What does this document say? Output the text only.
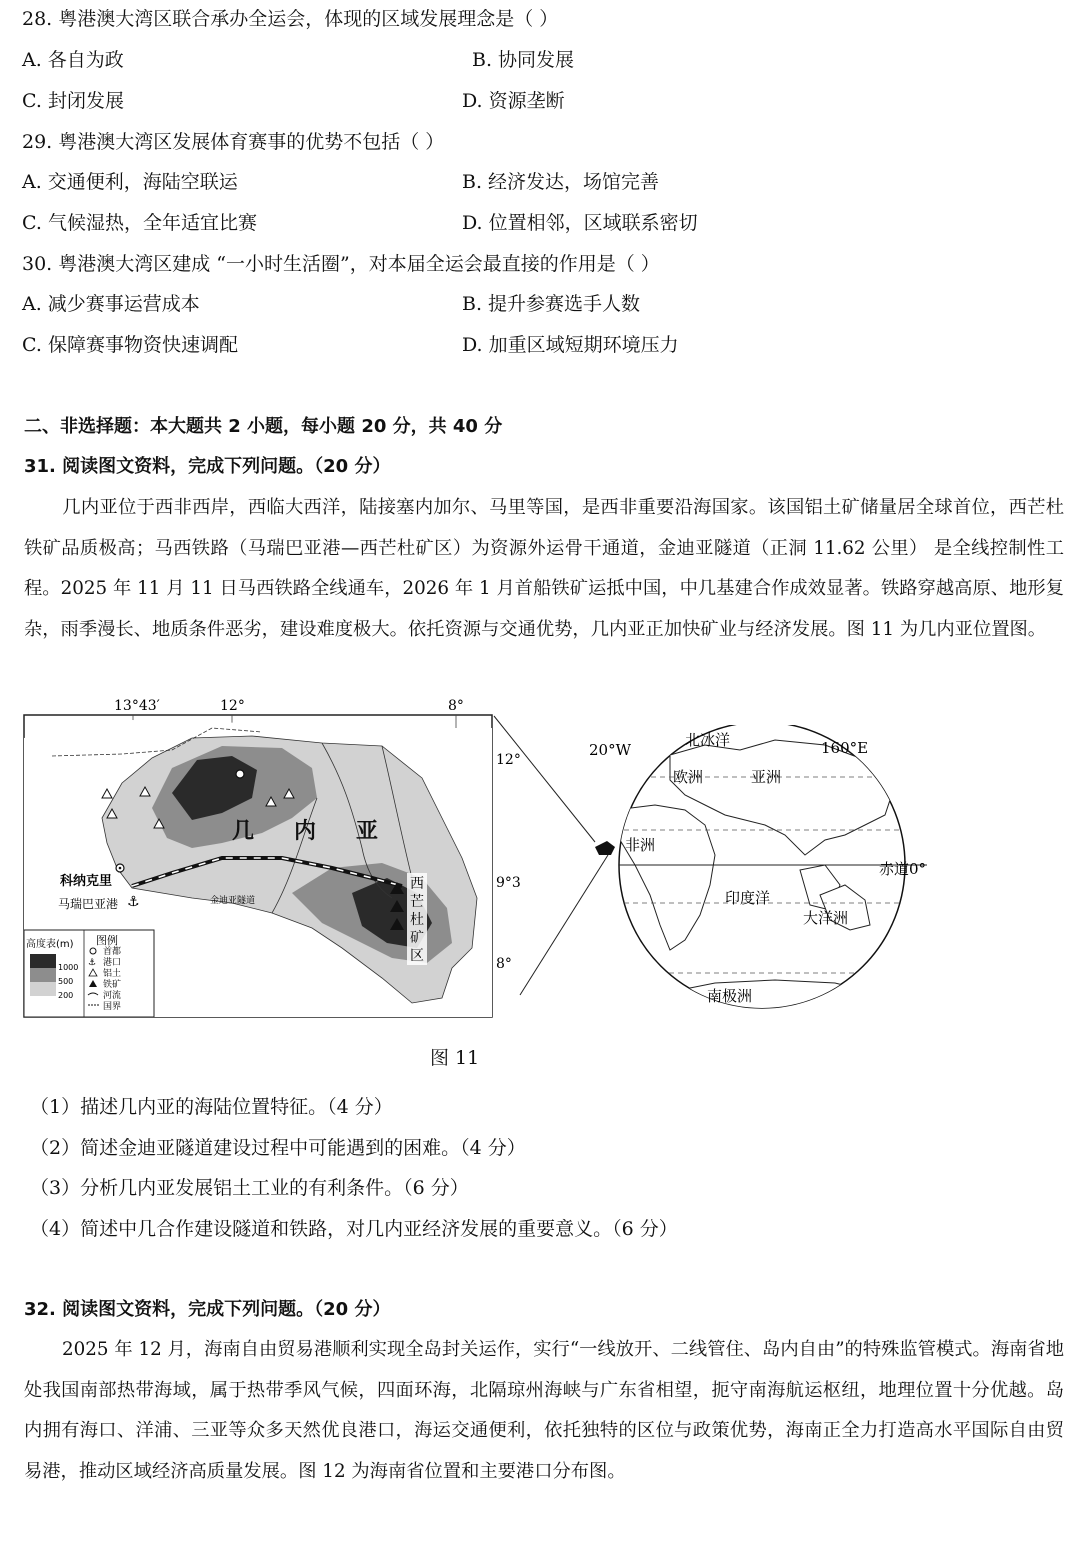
28. 粤港澳大湾区联合承办全运会，体现的区域发展理念是（ ）
A. 各自为政	B. 协同发展
C. 封闭发展	D. 资源垄断
29. 粤港澳大湾区发展体育赛事的优势不包括（ ）
A. 交通便利，海陆空联运	B. 经济发达，场馆完善
C. 气候湿热，全年适宜比赛	D. 位置相邻，区域联系密切
30. 粤港澳大湾区建成 “一小时生活圈”，对本届全运会最直接的作用是（ ）
A. 减少赛事运营成本	B. 提升参赛选手人数
C. 保障赛事物资快速调配	D. 加重区域短期环境压力
二、非选择题：本大题共 2 小题，每小题 20 分，共 40 分
31. 阅读图文资料，完成下列问题。（20 分）
几内亚位于西非西岸，西临大西洋，陆接塞内加尔、马里等国，是西非重要沿海国家。该国铝土矿储量居全球首位，西芒杜铁矿品质极高；马西铁路（马瑞巴亚港—西芒杜矿区）为资源外运骨干通道，金迪亚隧道（正洞 11.62 公里） 是全线控制性工程。2025 年 11 月 11 日马西铁路全线通车，2026 年 1 月首船铁矿运抵中国，中几基建合作成效显著。铁路穿越高原、地形复杂，雨季漫长、地质条件恶劣，建设难度极大。依托资源与交通优势，几内亚正加快矿业与经济发展。图 11 为几内亚位置图。
⚓
13°43′	12°	8°
12°
9°3
8°
几 内 亚
科纳克里
马瑞巴亚港	金迪亚隧道
西
芒
杜
矿
区
高度表(m)
1000
500
200
图例
⚓
首都
港口
铝土
铁矿
河流
国界
20°W	160°E
赤道0°
北冰洋
欧洲	亚洲
非洲
印度洋
大洋洲
南极洲
图 11
（1）描述几内亚的海陆位置特征。（4 分）
（2）简述金迪亚隧道建设过程中可能遇到的困难。（4 分）
（3）分析几内亚发展铝土工业的有利条件。（6 分）
（4）简述中几合作建设隧道和铁路，对几内亚经济发展的重要意义。（6 分）
32. 阅读图文资料，完成下列问题。（20 分）
2025 年 12 月，海南自由贸易港顺利实现全岛封关运作，实行“一线放开、二线管住、岛内自由”的特殊监管模式。海南省地处我国南部热带海域，属于热带季风气候，四面环海，北隔琼州海峡与广东省相望，扼守南海航运枢纽，地理位置十分优越。岛内拥有海口、洋浦、三亚等众多天然优良港口，海运交通便利，依托独特的区位与政策优势，海南正全力打造高水平国际自由贸易港，推动区域经济高质量发展。图 12 为海南省位置和主要港口分布图。
